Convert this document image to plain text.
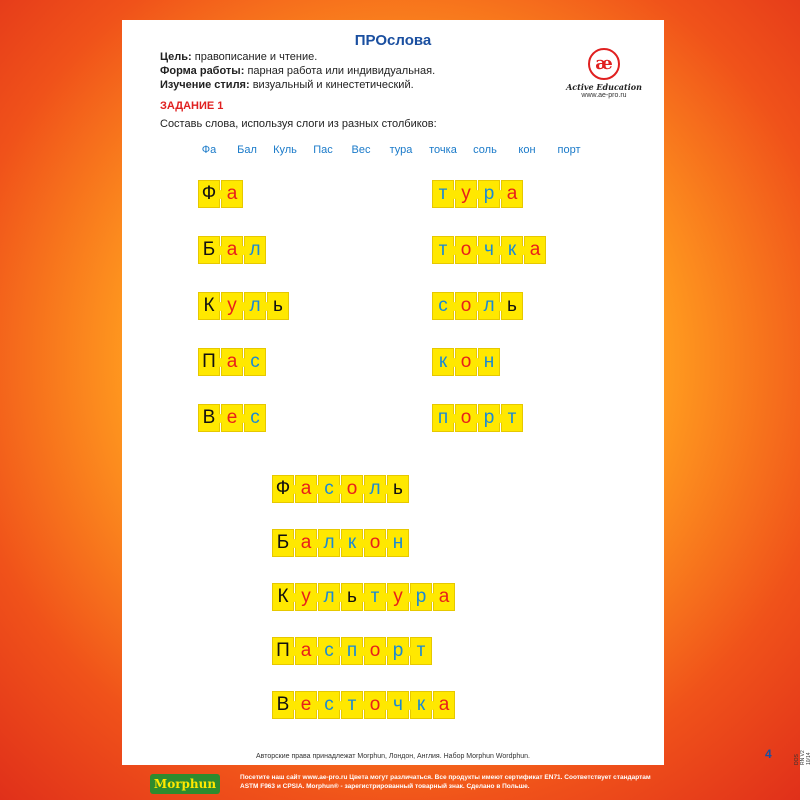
ПРОслова
Цель: правописание и чтение.
Форма работы: парная работа или индивидуальная.
Изучение стиля: визуальный и кинестетический.
æ
Active Education
www.ae-pro.ru
ЗАДАНИЕ 1
Составь слова, используя слоги из разных столбиков:
Фа	Бал	Куль	Пас	Вес	тура	точка	соль	кон	порт
Ф а
Б а л
К у л ь
П а с
В е с
т у р а
т о ч к а
с о л ь
к о н
п о р т
Ф а с о л ь
Б а л к о н
К у л ь т у р а
П а с п о р т
В е с т о ч к а
Авторские права принадлежат Morphun, Лондон, Англия. Набор Morphun Wordphun.	4	DOS RN V2 10/14
Morphun	Посетите наш сайт www.ae-pro.ru Цвета могут различаться. Все продукты имеют сертификат EN71. Соответствует стандартам ASTM F963 и CPSIA. Morphun® - зарегистрированный товарный знак. Сделано в Польше.
